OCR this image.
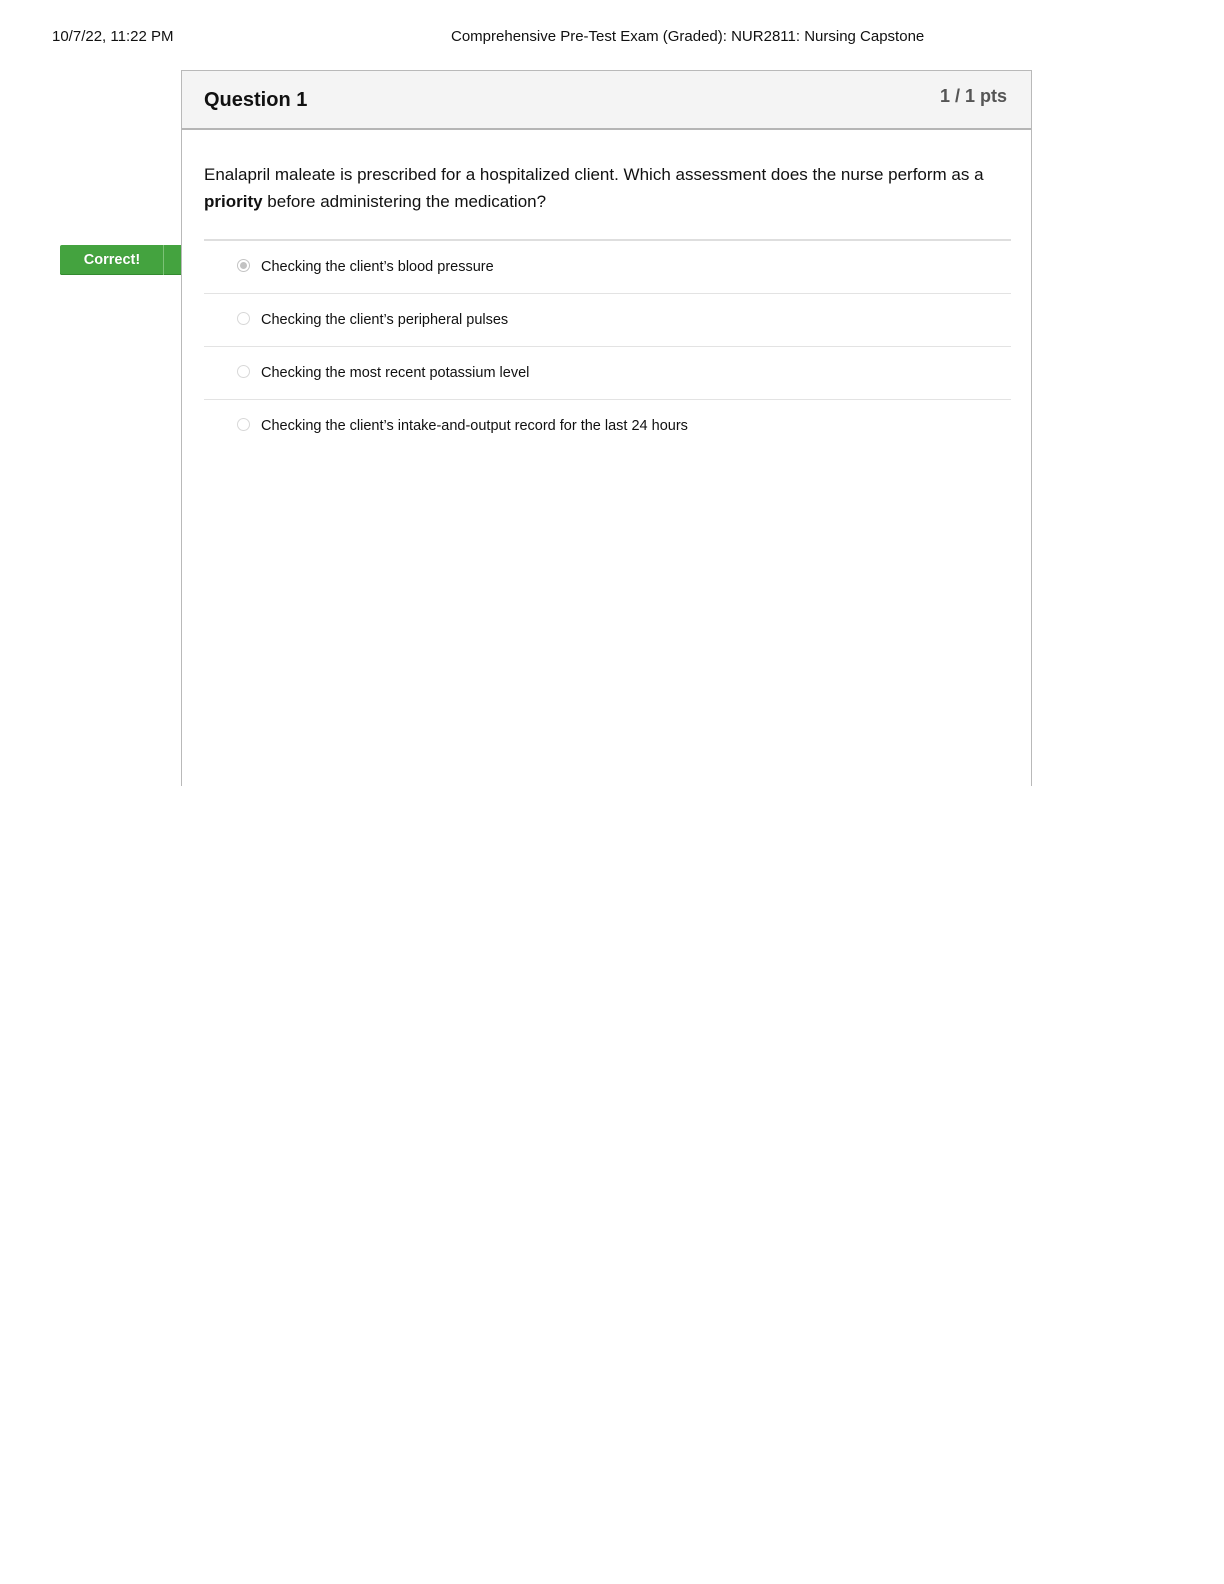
10/7/22, 11:22 PM	Comprehensive Pre-Test Exam (Graded): NUR2811: Nursing Capstone
Correct!
Question 1	1 / 1 pts
Enalapril maleate is prescribed for a hospitalized client. Which assessment does the nurse perform as a priority before administering the medication?
Checking the client’s blood pressure
Checking the client’s peripheral pulses
Checking the most recent potassium level
Checking the client’s intake-and-output record for the last 24 hours
